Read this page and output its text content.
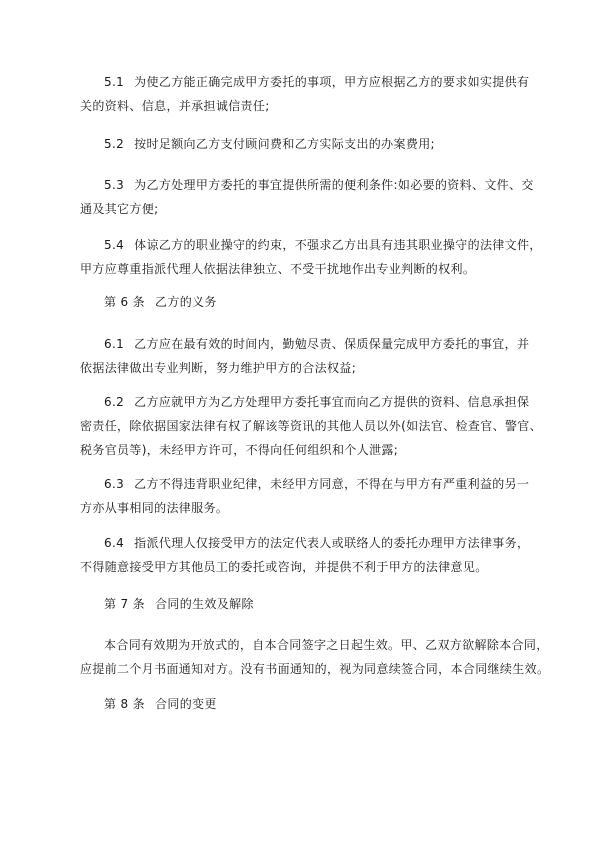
5.1 为使乙方能正确完成甲方委托的事项，甲方应根据乙方的要求如实提供有
关的资料、信息，并承担诚信责任;
5.2 按时足额向乙方支付顾问费和乙方实际支出的办案费用;
5.3 为乙方处理甲方委托的事宜提供所需的便利条件:如必要的资料、文件、交
通及其它方便;
5.4 体谅乙方的职业操守的约束，不强求乙方出具有违其职业操守的法律文件，
甲方应尊重指派代理人依据法律独立、不受干扰地作出专业判断的权利。
第 6 条 乙方的义务
6.1 乙方应在最有效的时间内，勤勉尽责、保质保量完成甲方委托的事宜，并
依据法律做出专业判断，努力维护甲方的合法权益;
6.2 乙方应就甲方为乙方处理甲方委托事宜而向乙方提供的资料、信息承担保
密责任，除依据国家法律有权了解该等资讯的其他人员以外(如法官、检查官、警官、
税务官员等)，未经甲方许可，不得向任何组织和个人泄露;
6.3 乙方不得违背职业纪律，未经甲方同意，不得在与甲方有严重利益的另一
方亦从事相同的法律服务。
6.4 指派代理人仅接受甲方的法定代表人或联络人的委托办理甲方法律事务，
不得随意接受甲方其他员工的委托或咨询，并提供不利于甲方的法律意见。
第 7 条 合同的生效及解除
本合同有效期为开放式的，自本合同签字之日起生效。甲、乙双方欲解除本合同，
应提前二个月书面通知对方。没有书面通知的，视为同意续签合同，本合同继续生效。
第 8 条 合同的变更
